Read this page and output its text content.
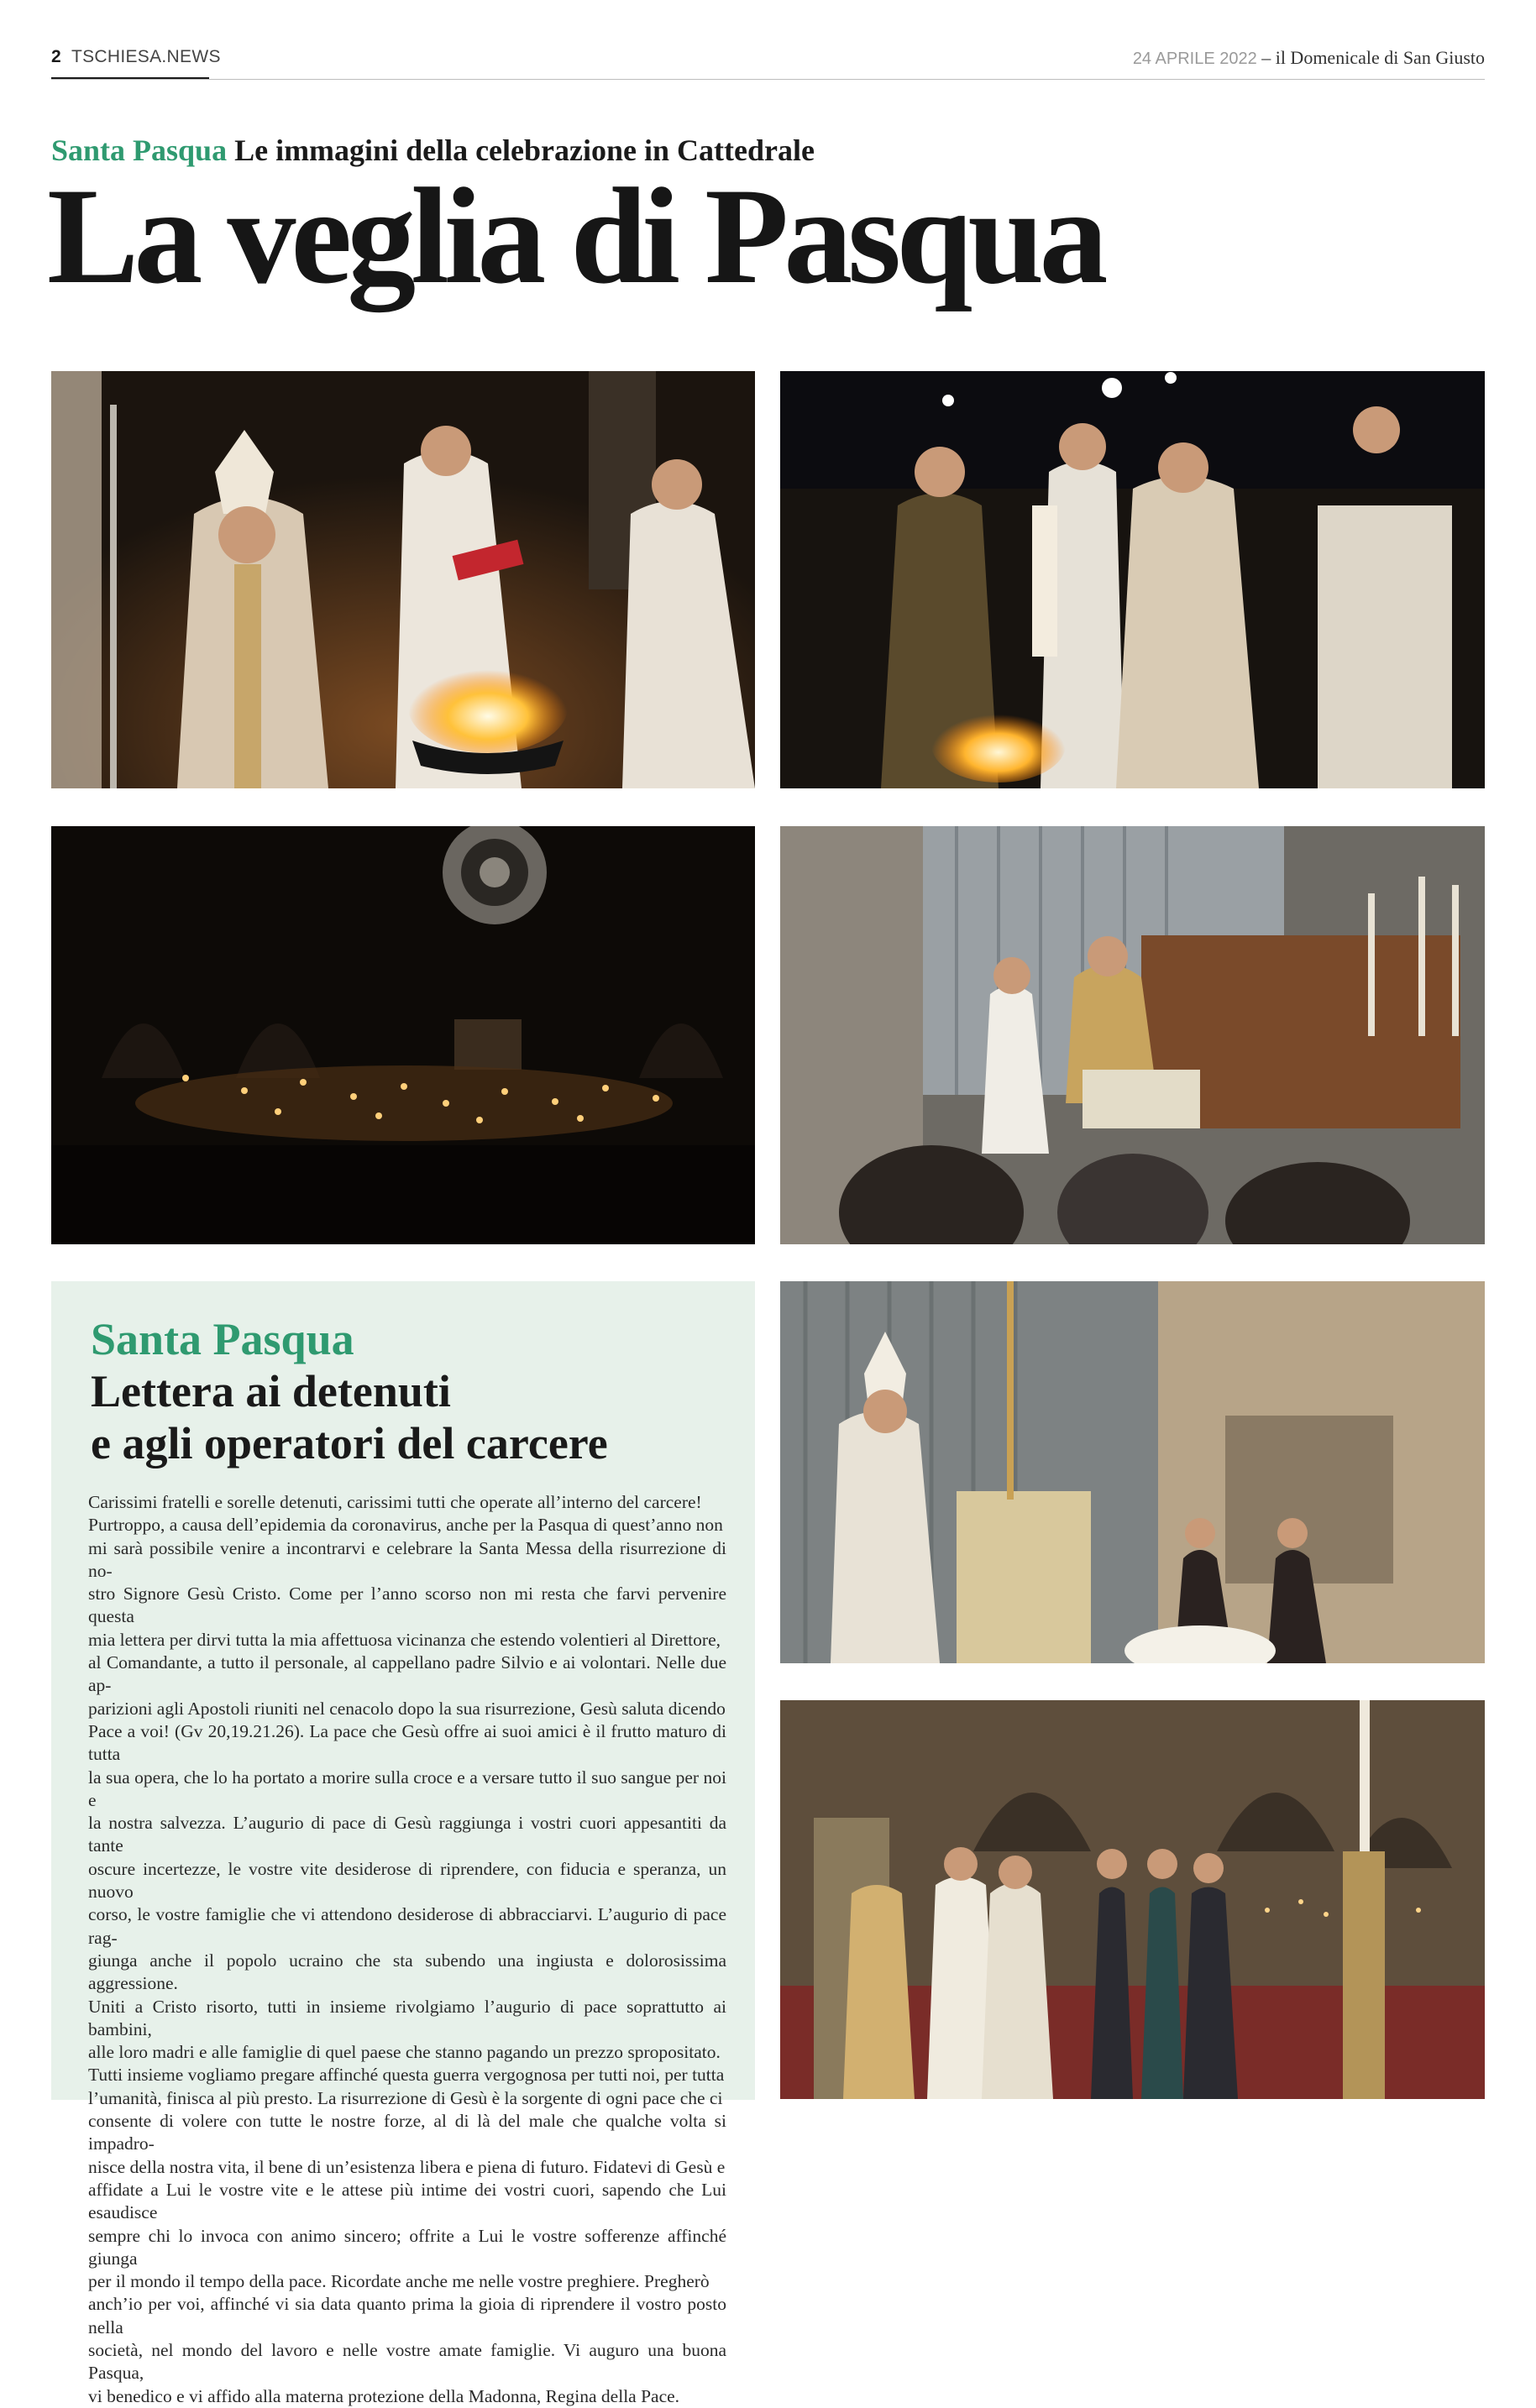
2 TSCHIESA.NEWS	24 APRILE 2022 – il Domenicale di San Giusto
Santa Pasqua Le immagini della celebrazione in Cattedrale
La veglia di Pasqua
Santa Pasqua
Lettera ai detenuti
e agli operatori del carcere
Carissimi fratelli e sorelle detenuti, carissimi tutti che operate all’interno del carcere!
Purtroppo, a causa dell’epidemia da coronavirus, anche per la Pasqua di quest’anno non
mi sarà possibile venire a incontrarvi e celebrare la Santa Messa della risurrezione di no-
stro Signore Gesù Cristo. Come per l’anno scorso non mi resta che farvi pervenire questa
mia lettera per dirvi tutta la mia affettuosa vicinanza che estendo volentieri al Direttore,
al Comandante, a tutto il personale, al cappellano padre Silvio e ai volontari. Nelle due ap-
parizioni agli Apostoli riuniti nel cenacolo dopo la sua risurrezione, Gesù saluta dicendo
Pace a voi! (Gv 20,19.21.26). La pace che Gesù offre ai suoi amici è il frutto maturo di tutta
la sua opera, che lo ha portato a morire sulla croce e a versare tutto il suo sangue per noi e
la nostra salvezza. L’augurio di pace di Gesù raggiunga i vostri cuori appesantiti da tante
oscure incertezze, le vostre vite desiderose di riprendere, con fiducia e speranza, un nuovo
corso, le vostre famiglie che vi attendono desiderose di abbracciarvi. L’augurio di pace rag-
giunga anche il popolo ucraino che sta subendo una ingiusta e dolorosissima aggressione.
Uniti a Cristo risorto, tutti in insieme rivolgiamo l’augurio di pace soprattutto ai bambini,
alle loro madri e alle famiglie di quel paese che stanno pagando un prezzo spropositato.
Tutti insieme vogliamo pregare affinché questa guerra vergognosa per tutti noi, per tutta
l’umanità, finisca al più presto. La risurrezione di Gesù è la sorgente di ogni pace che ci
consente di volere con tutte le nostre forze, al di là del male che qualche volta si impadro-
nisce della nostra vita, il bene di un’esistenza libera e piena di futuro. Fidatevi di Gesù e
affidate a Lui le vostre vite e le attese più intime dei vostri cuori, sapendo che Lui esaudisce
sempre chi lo invoca con animo sincero; offrite a Lui le vostre sofferenze affinché giunga
per il mondo il tempo della pace. Ricordate anche me nelle vostre preghiere. Pregherò
anch’io per voi, affinché vi sia data quanto prima la gioia di riprendere il vostro posto nella
società, nel mondo del lavoro e nelle vostre amate famiglie. Vi auguro una buona Pasqua,
vi benedico e vi affido alla materna protezione della Madonna, Regina della Pace.
